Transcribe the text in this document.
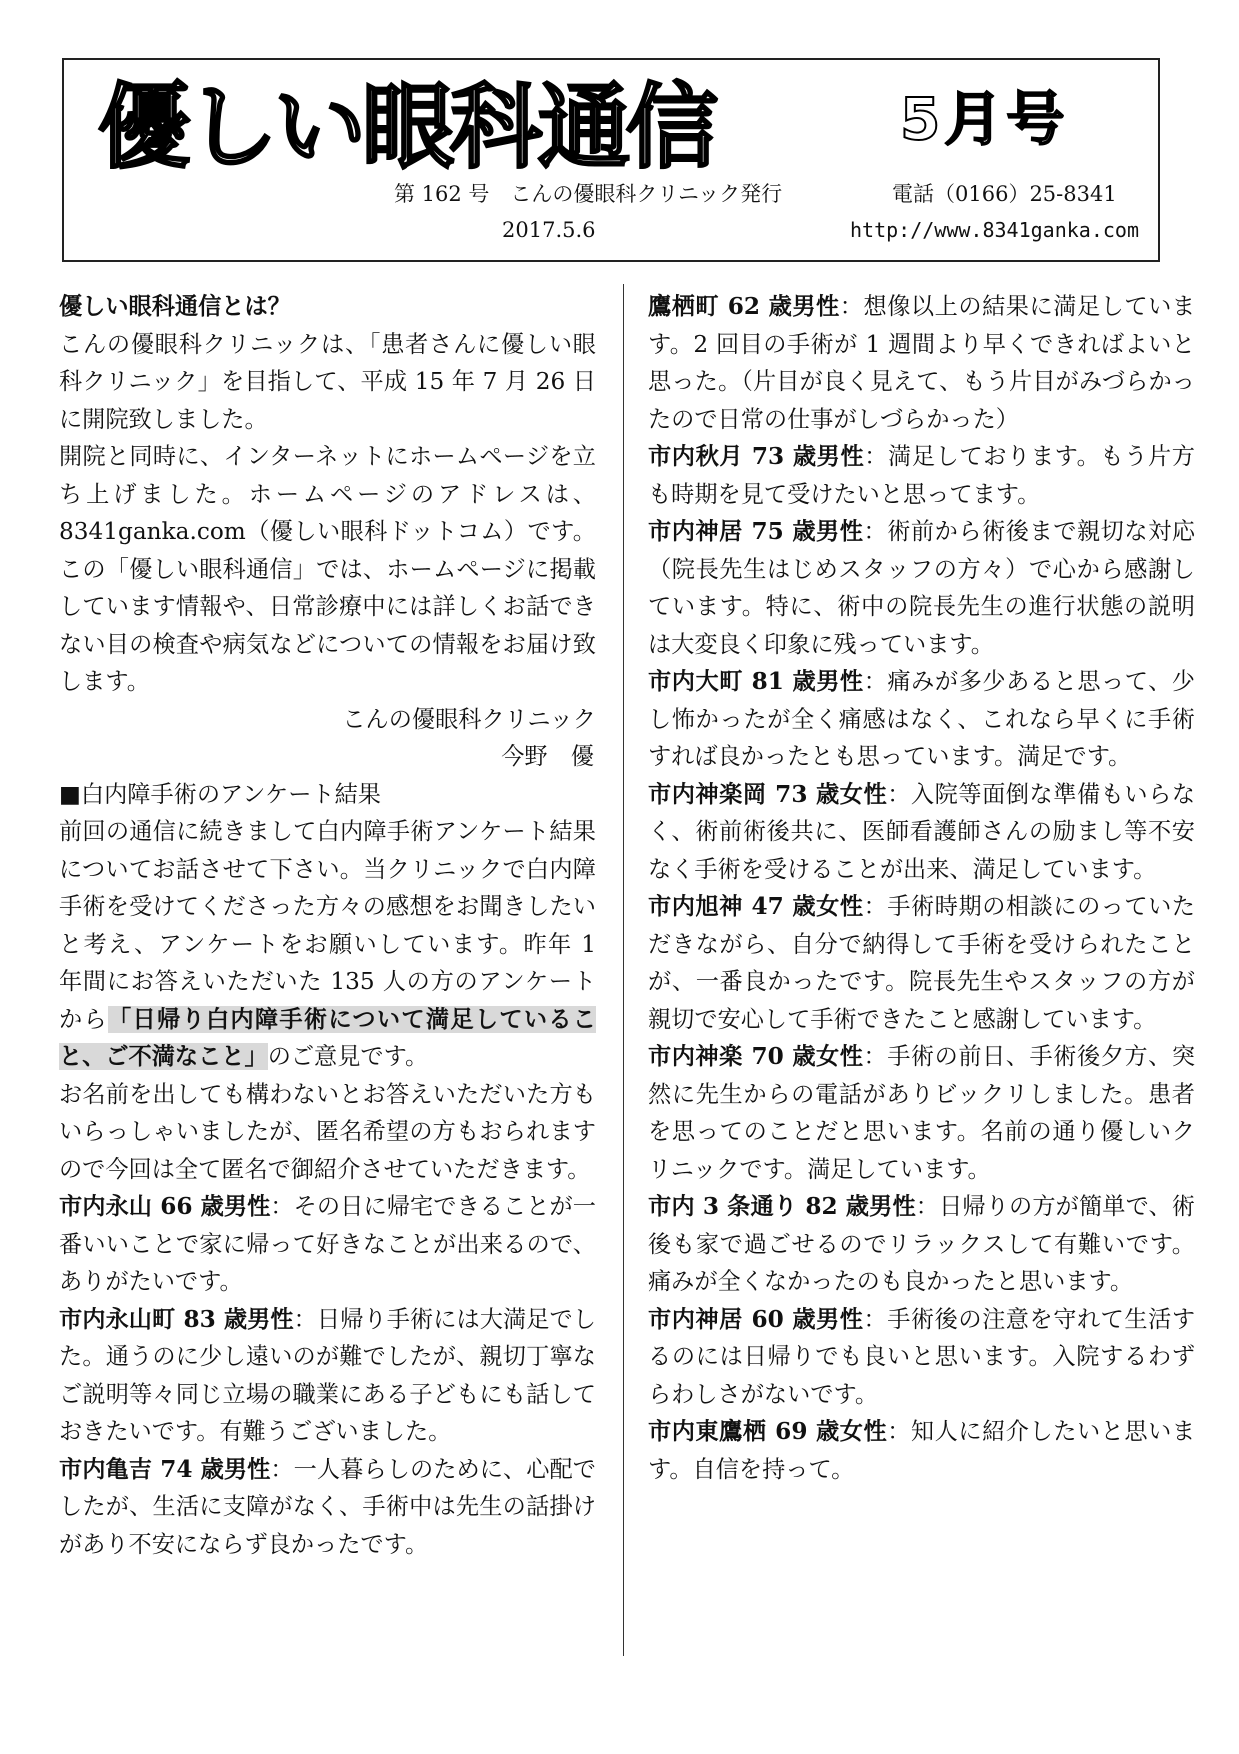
優しい眼科通信	5月号
第 162 号　こんの優眼科クリニック発行	電話（0166）25-8341
2017.5.6	http://www.8341ganka.com

優しい眼科通信とは？

こんの優眼科クリニックは、「患者さんに優しい眼科クリニック」を目指して、平成 15 年 7 月 26 日に開院致しました。

開院と同時に、インターネットにホームページを立ち上げました。ホームページのアドレスは、8341ganka.com（優しい眼科ドットコム）です。この「優しい眼科通信」では、ホームページに掲載しています情報や、日常診療中には詳しくお話できない目の検査や病気などについての情報をお届け致します。

こんの優眼科クリニック

今野　優

■白内障手術のアンケート結果

前回の通信に続きまして白内障手術アンケート結果についてお話させて下さい。当クリニックで白内障手術を受けてくださった方々の感想をお聞きしたいと考え、アンケートをお願いしています。昨年 1 年間にお答えいただいた 135 人の方のアンケートから「日帰り白内障手術について満足していること、ご不満なこと」のご意見です。

お名前を出しても構わないとお答えいただいた方もいらっしゃいましたが、匿名希望の方もおられますので今回は全て匿名で御紹介させていただきます。

市内永山 66 歳男性：その日に帰宅できることが一番いいことで家に帰って好きなことが出来るので、ありがたいです。

市内永山町 83 歳男性：日帰り手術には大満足でした。通うのに少し遠いのが難でしたが、親切丁寧なご説明等々同じ立場の職業にある子どもにも話しておきたいです。有難うございました。

市内亀吉 74 歳男性：一人暮らしのために、心配でしたが、生活に支障がなく、手術中は先生の話掛けがあり不安にならず良かったです。

鷹栖町 62 歳男性：想像以上の結果に満足しています。2 回目の手術が 1 週間より早くできればよいと思った。（片目が良く見えて、もう片目がみづらかったので日常の仕事がしづらかった）

市内秋月 73 歳男性：満足しております。もう片方も時期を見て受けたいと思ってます。

市内神居 75 歳男性：術前から術後まで親切な対応（院長先生はじめスタッフの方々）で心から感謝しています。特に、術中の院長先生の進行状態の説明は大変良く印象に残っています。

市内大町 81 歳男性：痛みが多少あると思って、少し怖かったが全く痛感はなく、これなら早くに手術すれば良かったとも思っています。満足です。

市内神楽岡 73 歳女性：入院等面倒な準備もいらなく、術前術後共に、医師看護師さんの励まし等不安なく手術を受けることが出来、満足しています。

市内旭神 47 歳女性：手術時期の相談にのっていただきながら、自分で納得して手術を受けられたことが、一番良かったです。院長先生やスタッフの方が親切で安心して手術できたこと感謝しています。

市内神楽 70 歳女性：手術の前日、手術後夕方、突然に先生からの電話がありビックリしました。患者を思ってのことだと思います。名前の通り優しいクリニックです。満足しています。

市内 3 条通り 82 歳男性：日帰りの方が簡単で、術後も家で過ごせるのでリラックスして有難いです。痛みが全くなかったのも良かったと思います。

市内神居 60 歳男性：手術後の注意を守れて生活するのには日帰りでも良いと思います。入院するわずらわしさがないです。

市内東鷹栖 69 歳女性：知人に紹介したいと思います。自信を持って。
